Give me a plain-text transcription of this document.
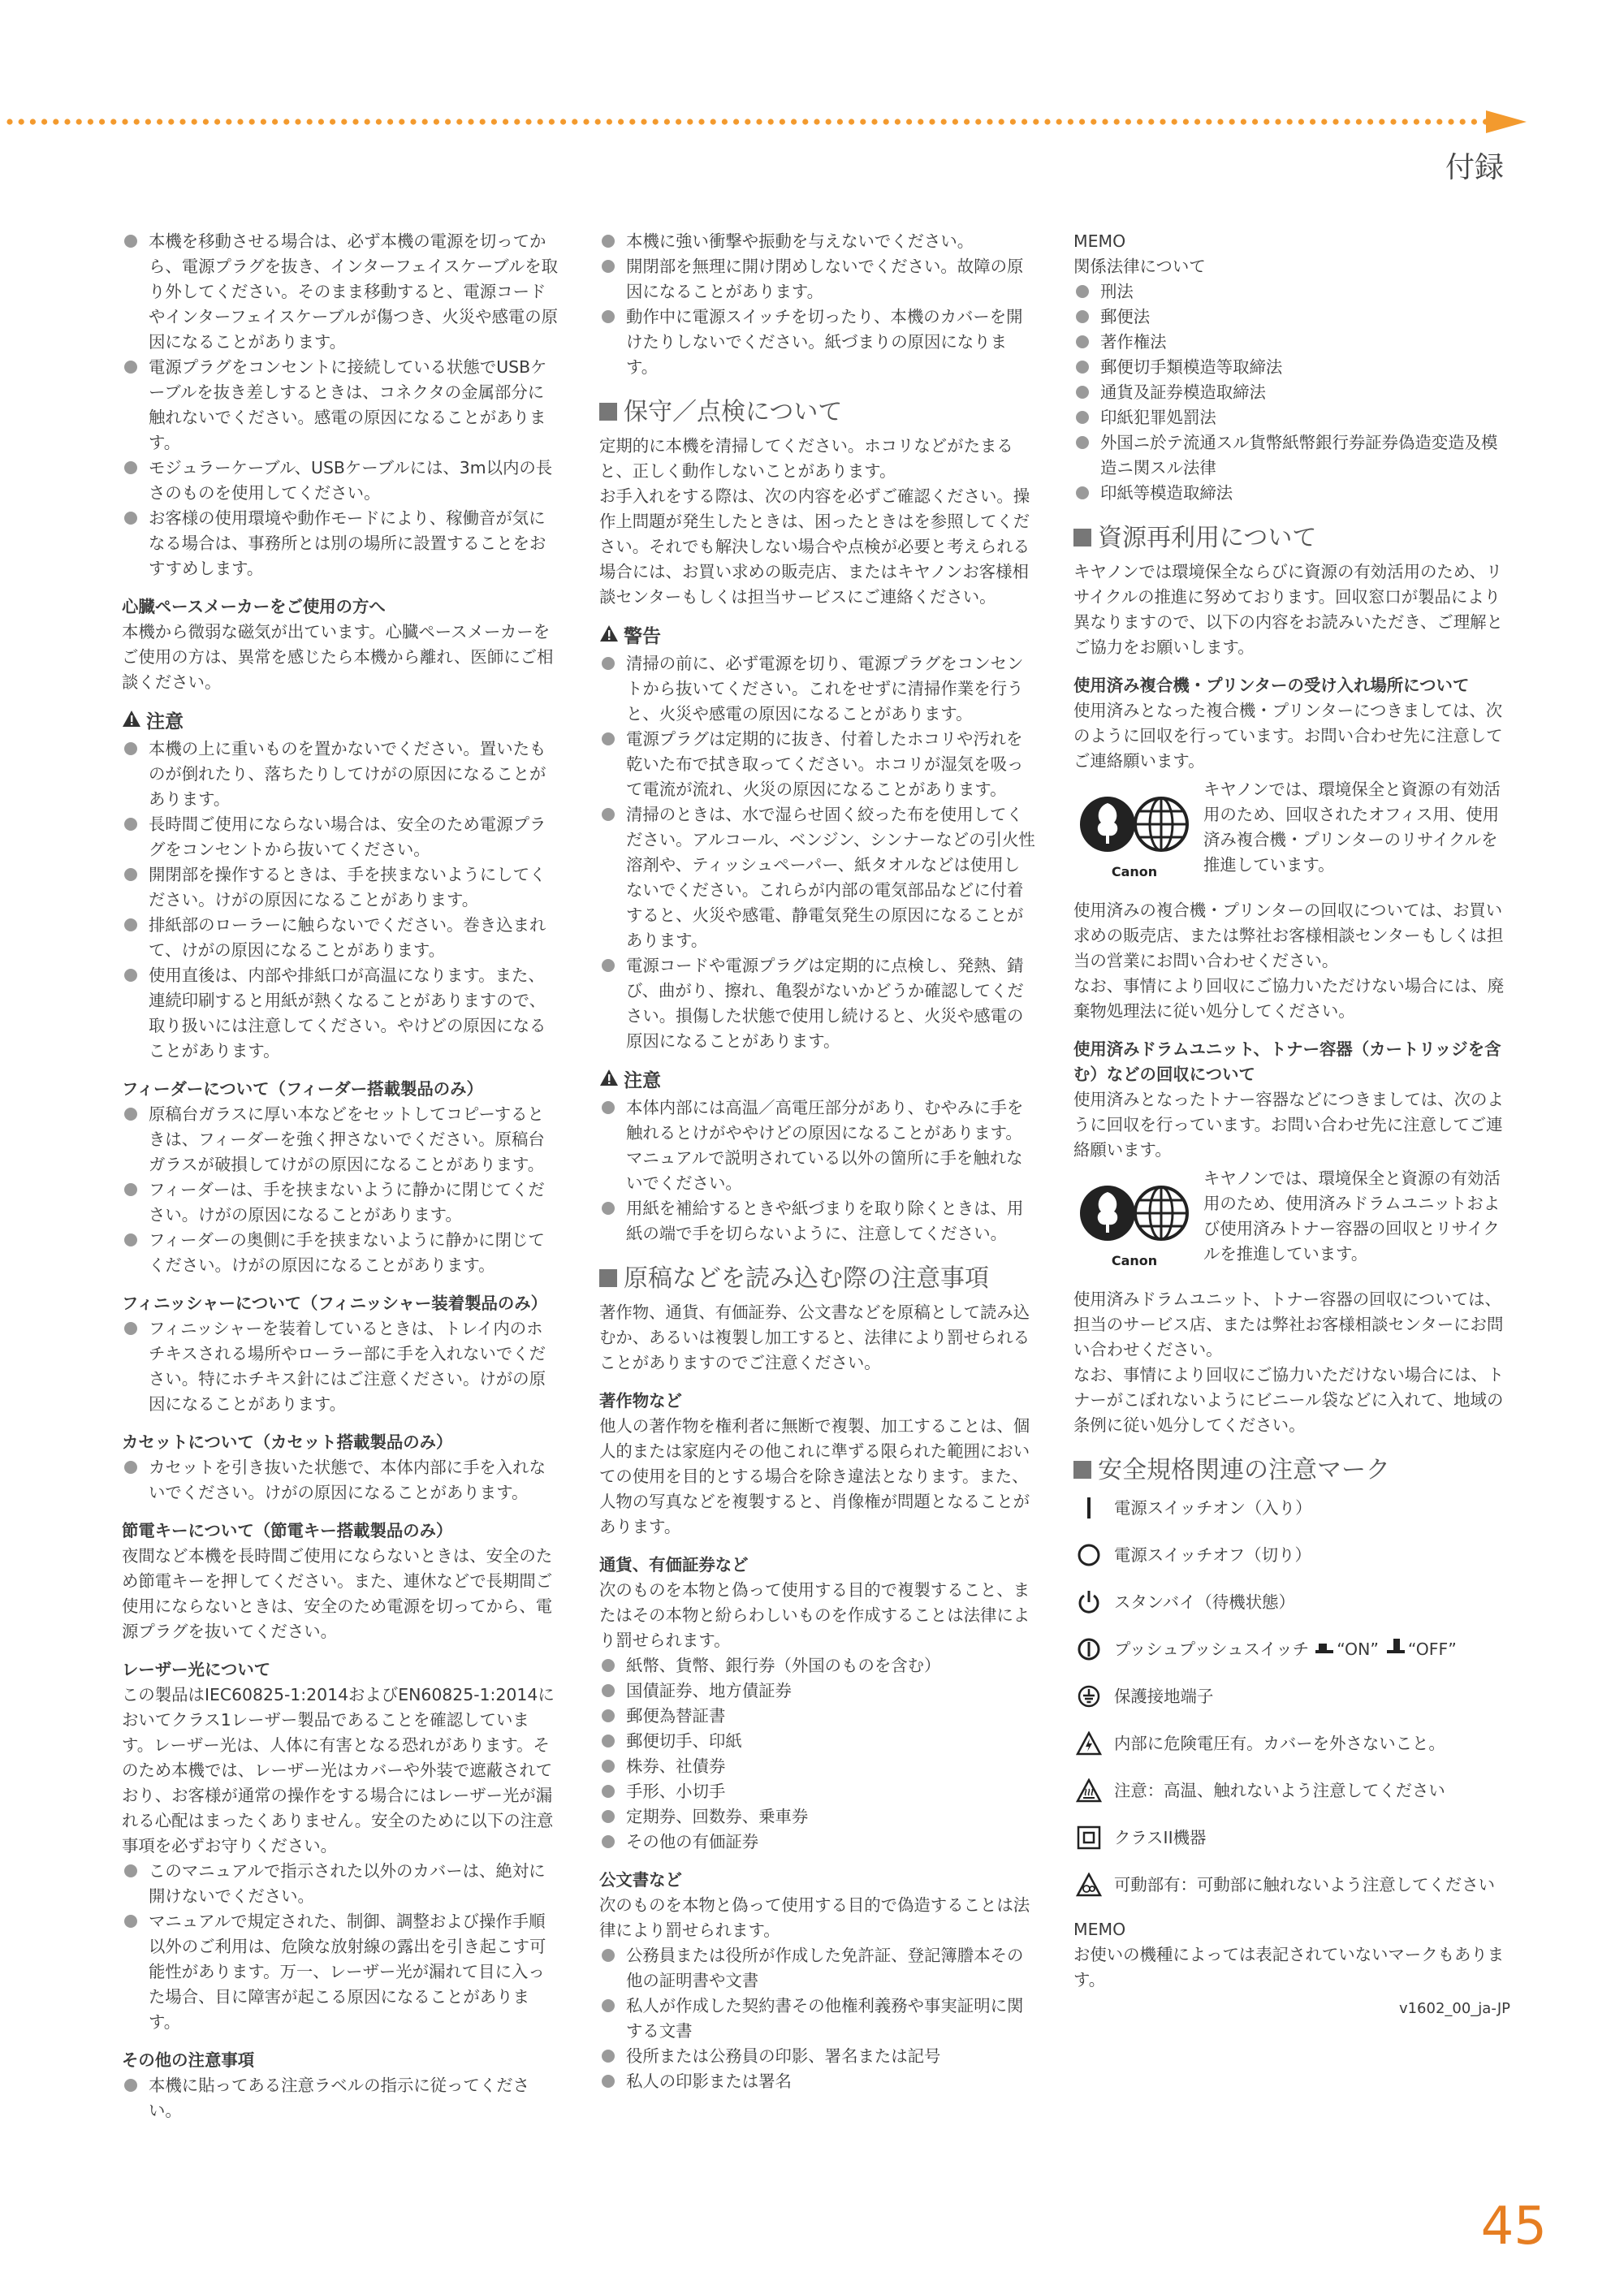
付録
本機を移動させる場合は、必ず本機の電源を切ってから、電源プラグを抜き、インターフェイスケーブルを取り外してください。そのまま移動すると、電源コードやインターフェイスケーブルが傷つき、火災や感電の原因になることがあります。
電源プラグをコンセントに接続している状態でUSBケーブルを抜き差しするときは、コネクタの金属部分に触れないでください。感電の原因になることがあります。
モジュラーケーブル、USBケーブルには、3m以内の長さのものを使用してください。
お客様の使用環境や動作モードにより、稼働音が気になる場合は、事務所とは別の場所に設置することをおすすめします。

心臓ペースメーカーをご使用の方へ

本機から微弱な磁気が出ています。心臓ペースメーカーをご使用の方は、異常を感じたら本機から離れ、医師にご相談ください。

注意
本機の上に重いものを置かないでください。置いたものが倒れたり、落ちたりしてけがの原因になることがあります。
長時間ご使用にならない場合は、安全のため電源プラグをコンセントから抜いてください。
開閉部を操作するときは、手を挟まないようにしてください。けがの原因になることがあります。
排紙部のローラーに触らないでください。巻き込まれて、けがの原因になることがあります。
使用直後は、内部や排紙口が高温になります。また、連続印刷すると用紙が熱くなることがありますので、取り扱いには注意してください。やけどの原因になることがあります。

フィーダーについて（フィーダー搭載製品のみ）

原稿台ガラスに厚い本などをセットしてコピーするときは、フィーダーを強く押さないでください。原稿台ガラスが破損してけがの原因になることがあります。
フィーダーは、手を挟まないように静かに閉じてください。けがの原因になることがあります。
フィーダーの奥側に手を挟まないように静かに閉じてください。けがの原因になることがあります。

フィニッシャーについて（フィニッシャー装着製品のみ）

フィニッシャーを装着しているときは、トレイ内のホチキスされる場所やローラー部に手を入れないでください。特にホチキス針にはご注意ください。けがの原因になることがあります。

カセットについて（カセット搭載製品のみ）

カセットを引き抜いた状態で、本体内部に手を入れないでください。けがの原因になることがあります。

節電キーについて（節電キー搭載製品のみ）

夜間など本機を長時間ご使用にならないときは、安全のため節電キーを押してください。また、連休などで長期間ご使用にならないときは、安全のため電源を切ってから、電源プラグを抜いてください。

レーザー光について

この製品はIEC60825-1:2014およびEN60825-1:2014においてクラス1レーザー製品であることを確認しています。レーザー光は、人体に有害となる恐れがあります。そのため本機では、レーザー光はカバーや外装で遮蔽されており、お客様が通常の操作をする場合にはレーザー光が漏れる心配はまったくありません。安全のために以下の注意事項を必ずお守りください。

このマニュアルで指示された以外のカバーは、絶対に開けないでください。
マニュアルで規定された、制御、調整および操作手順以外のご利用は、危険な放射線の露出を引き起こす可能性があります。万一、レーザー光が漏れて目に入った場合、目に障害が起こる原因になることがあります。

その他の注意事項

本機に貼ってある注意ラベルの指示に従ってください。
本機に強い衝撃や振動を与えないでください。
開閉部を無理に開け閉めしないでください。故障の原因になることがあります。
動作中に電源スイッチを切ったり、本機のカバーを開けたりしないでください。紙づまりの原因になります。
保守／点検について

定期的に本機を清掃してください。ホコリなどがたまると、正しく動作しないことがあります。

お手入れをする際は、次の内容を必ずご確認ください。操作上問題が発生したときは、困ったときはを参照してください。それでも解決しない場合や点検が必要と考えられる場合には、お買い求めの販売店、またはキヤノンお客様相談センターもしくは担当サービスにご連絡ください。

警告
清掃の前に、必ず電源を切り、電源プラグをコンセントから抜いてください。これをせずに清掃作業を行うと、火災や感電の原因になることがあります。
電源プラグは定期的に抜き、付着したホコリや汚れを乾いた布で拭き取ってください。ホコリが湿気を吸って電流が流れ、火災の原因になることがあります。
清掃のときは、水で湿らせ固く絞った布を使用してください。アルコール、ベンジン、シンナーなどの引火性溶剤や、ティッシュペーパー、紙タオルなどは使用しないでください。これらが内部の電気部品などに付着すると、火災や感電、静電気発生の原因になることがあります。
電源コードや電源プラグは定期的に点検し、発熱、錆び、曲がり、擦れ、亀裂がないかどうか確認してください。損傷した状態で使用し続けると、火災や感電の原因になることがあります。
注意
本体内部には高温／高電圧部分があり、むやみに手を触れるとけがややけどの原因になることがあります。マニュアルで説明されている以外の箇所に手を触れないでください。
用紙を補給するときや紙づまりを取り除くときは、用紙の端で手を切らないように、注意してください。
原稿などを読み込む際の注意事項

著作物、通貨、有価証券、公文書などを原稿として読み込むか、あるいは複製し加工すると、法律により罰せられることがありますのでご注意ください。

著作物など

他人の著作物を権利者に無断で複製、加工することは、個人的または家庭内その他これに準ずる限られた範囲においての使用を目的とする場合を除き違法となります。また、人物の写真などを複製すると、肖像権が問題となることがあります。

通貨、有価証券など

次のものを本物と偽って使用する目的で複製すること、またはその本物と紛らわしいものを作成することは法律により罰せられます。

紙幣、貨幣、銀行券（外国のものを含む）
国債証券、地方債証券
郵便為替証書
郵便切手、印紙
株券、社債券
手形、小切手
定期券、回数券、乗車券
その他の有価証券

公文書など

次のものを本物と偽って使用する目的で偽造することは法律により罰せられます。

公務員または役所が作成した免許証、登記簿謄本その他の証明書や文書
私人が作成した契約書その他権利義務や事実証明に関する文書
役所または公務員の印影、署名または記号
私人の印影または署名

MEMO

関係法律について

刑法
郵便法
著作権法
郵便切手類模造等取締法
通貨及証券模造取締法
印紙犯罪処罰法
外国ニ於テ流通スル貨幣紙幣銀行券証券偽造変造及模造ニ関スル法律
印紙等模造取締法
資源再利用について

キヤノンでは環境保全ならびに資源の有効活用のため、リサイクルの推進に努めております。回収窓口が製品により異なりますので、以下の内容をお読みいただき、ご理解とご協力をお願いします。

使用済み複合機・プリンターの受け入れ場所について

使用済みとなった複合機・プリンターにつきましては、次のように回収を行っています。お問い合わせ先に注意してご連絡願います。

Canon

キヤノンでは、環境保全と資源の有効活用のため、回収されたオフィス用、使用済み複合機・プリンターのリサイクルを推進しています。

使用済みの複合機・プリンターの回収については、お買い求めの販売店、または弊社お客様相談センターもしくは担当の営業にお問い合わせください。

なお、事情により回収にご協力いただけない場合には、廃棄物処理法に従い処分してください。

使用済みドラムユニット、トナー容器（カートリッジを含む）などの回収について

使用済みとなったトナー容器などにつきましては、次のように回収を行っています。お問い合わせ先に注意してご連絡願います。

Canon

キヤノンでは、環境保全と資源の有効活用のため、使用済みドラムユニットおよび使用済みトナー容器の回収とリサイクルを推進しています。

使用済みドラムユニット、トナー容器の回収については、担当のサービス店、または弊社お客様相談センターにお問い合わせください。

なお、事情により回収にご協力いただけない場合には、トナーがこぼれないようにビニール袋などに入れて、地域の条例に従い処分してください。

安全規格関連の注意マーク
電源スイッチオン（入り）
電源スイッチオフ（切り）
スタンバイ（待機状態）
プッシュプッシュスイッチ “ON” “OFF”
保護接地端子
内部に危険電圧有。カバーを外さないこと。
注意：高温、触れないよう注意してください
クラスII機器
可動部有：可動部に触れないよう注意してください

MEMO

お使いの機種によっては表記されていないマークもあります。

v1602_00_ja-JP

45
